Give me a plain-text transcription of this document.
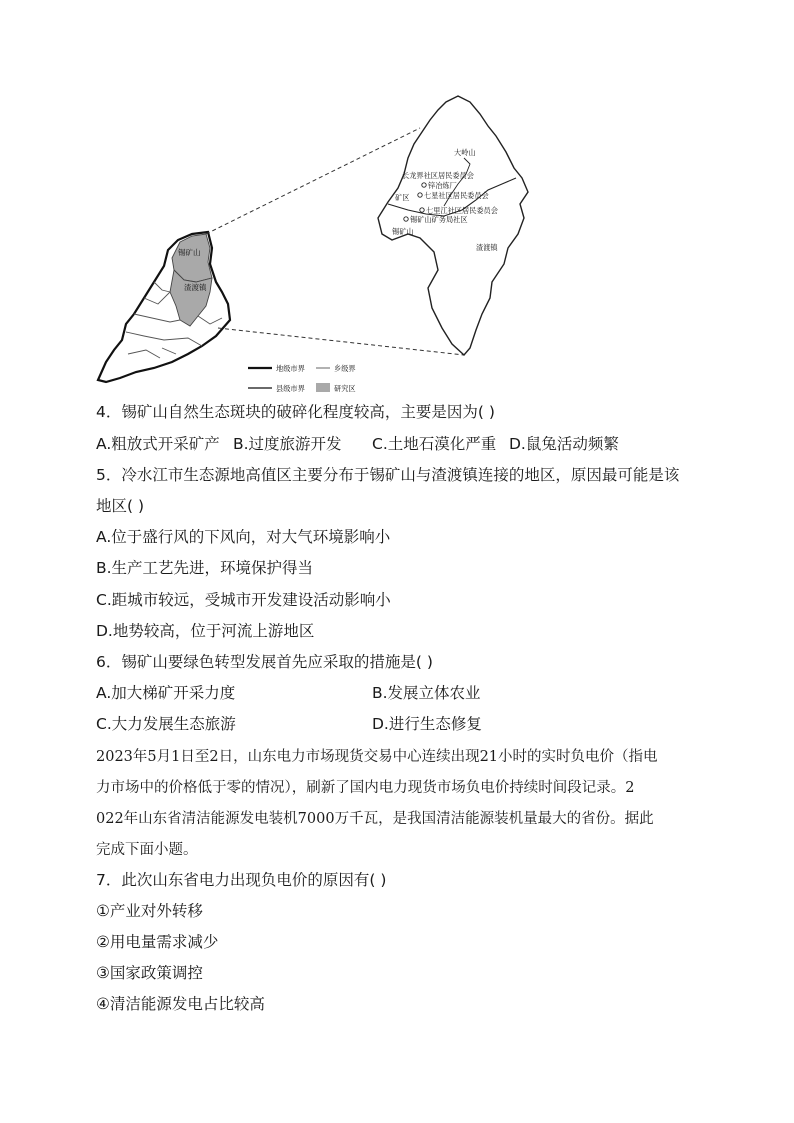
锡矿山
渣渡镇
大岭山
长龙界社区居民委员会
锌冶炼厂
七星社区居民委员会
矿区
七里江社区居民委员会
锡矿山矿务局社区
锡矿山
渣渡镇
地级市界	乡级界
县级市界	研究区
4．锡矿山自然生态斑块的破碎化程度较高，主要是因为( )
A.粗放式开采矿产 B.过度旅游开发 C.土地石漠化严重 D.鼠兔活动频繁
5．冷水江市生态源地高值区主要分布于锡矿山与渣渡镇连接的地区，原因最可能是该
地区( )
A.位于盛行风的下风向，对大气环境影响小
B.生产工艺先进，环境保护得当
C.距城市较远，受城市开发建设活动影响小
D.地势较高，位于河流上游地区
6．锡矿山要绿色转型发展首先应采取的措施是( )
A.加大梯矿开采力度	B.发展立体农业
C.大力发展生态旅游	D.进行生态修复
2023年5月1日至2日，山东电力市场现货交易中心连续出现21小时的实时负电价（指电
力市场中的价格低于零的情况），刷新了国内电力现货市场负电价持续时间段记录。2
022年山东省清洁能源发电装机7000万千瓦，是我国清洁能源装机量最大的省份。据此
完成下面小题。
7．此次山东省电力出现负电价的原因有( )
①产业对外转移
②用电量需求减少
③国家政策调控
④清洁能源发电占比较高
